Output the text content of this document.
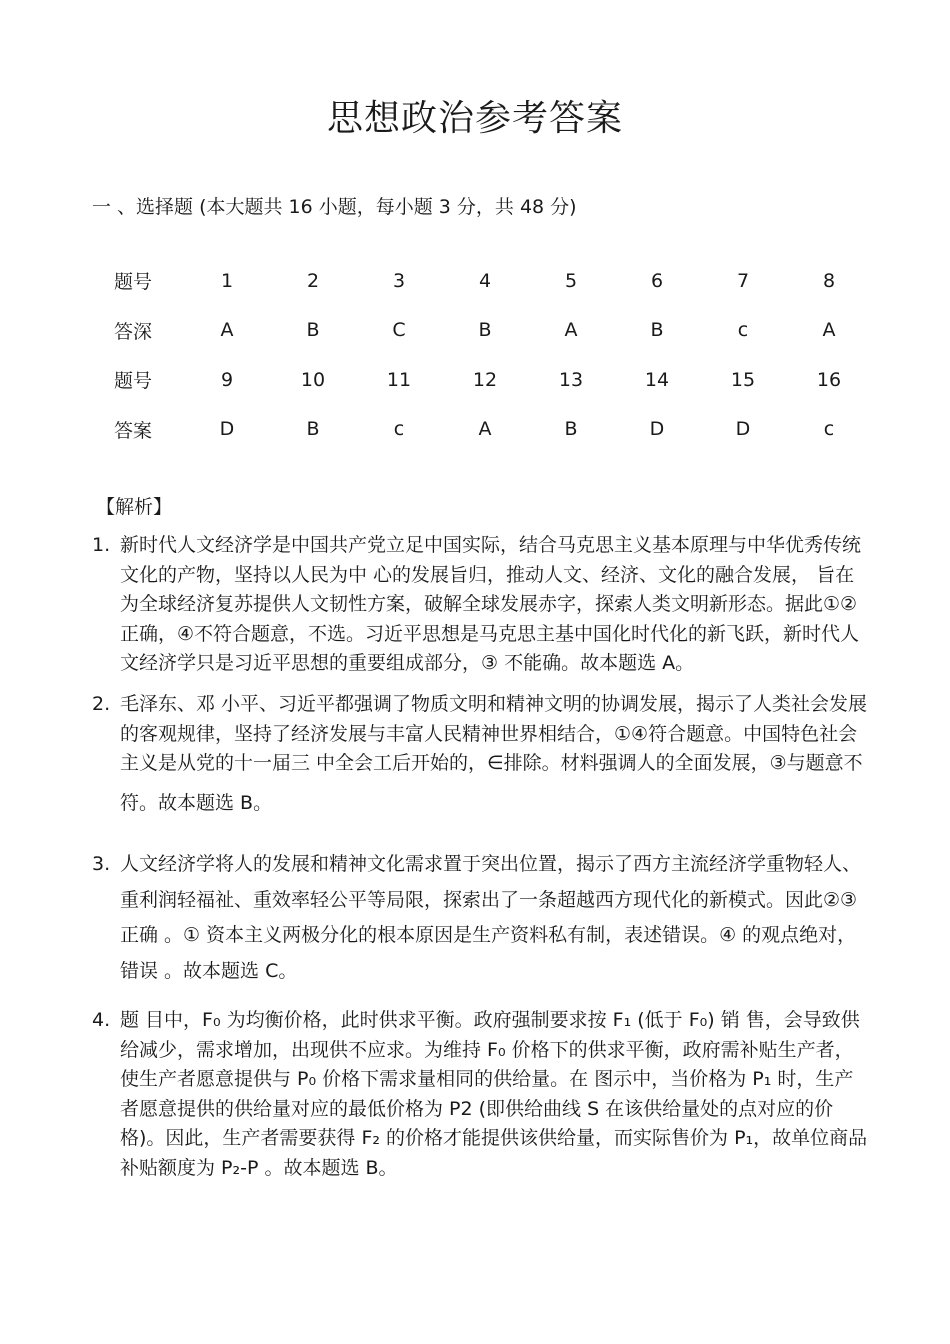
思想政治参考答案
一 、选择题 (本大题共 16 小题，每小题 3 分，共 48 分)
题号	1	2	3	4	5	6	7	8
答深	A	B	C	B	A	B	c	A
题号	9	10	11	12	13	14	15	16
答案	D	B	c	A	B	D	D	c
【解析】
1. 新时代人文经济学是中国共产党立足中国实际，结合马克思主义基本原理与中华优秀传统文化的产物，坚持以人民为中 心的发展旨归，推动人文、经济、文化的融合发展， 旨在为全球经济复苏提供人文韧性方案，破解全球发展赤字，探索人类文明新形态。据此①②正确，④不符合题意，不选。习近平思想是马克思主基中国化时代化的新飞跃，新时代人文经济学只是习近平思想的重要组成部分，③ 不能确。故本题选 A。
2. 毛泽东、邓 小平、习近平都强调了物质文明和精神文明的协调发展，揭示了人类社会发展的客观规律，坚持了经济发展与丰富人民精神世界相结合，①④符合题意。中国特色社会主义是从党的十一届三 中全会工后开始的，∈排除。材料强调人的全面发展，③与题意不
符。故本题选 B。
3. 人文经济学将人的发展和精神文化需求置于突出位置，揭示了西方主流经济学重物轻人、重利润轻福祉、重效率轻公平等局限，探索出了一条超越西方现代化的新模式。因此②③正确 。① 资本主义两极分化的根本原因是生产资料私有制，表述错误。④ 的观点绝对，错误 。故本题选 C。
4. 题 目中，F₀ 为均衡价格，此时供求平衡。政府强制要求按 F₁ (低于 F₀) 销 售，会导致供给减少，需求增加，出现供不应求。为维持 F₀ 价格下的供求平衡，政府需补贴生产者，使生产者愿意提供与 P₀ 价格下需求量相同的供给量。在 图示中，当价格为 P₁ 时，生产者愿意提供的供给量对应的最低价格为 P2 (即供给曲线 S 在该供给量处的点对应的价格)。因此，生产者需要获得 F₂ 的价格才能提供该供给量，而实际售价为 P₁，故单位商品补贴额度为 P₂-P 。故本题选 B。
